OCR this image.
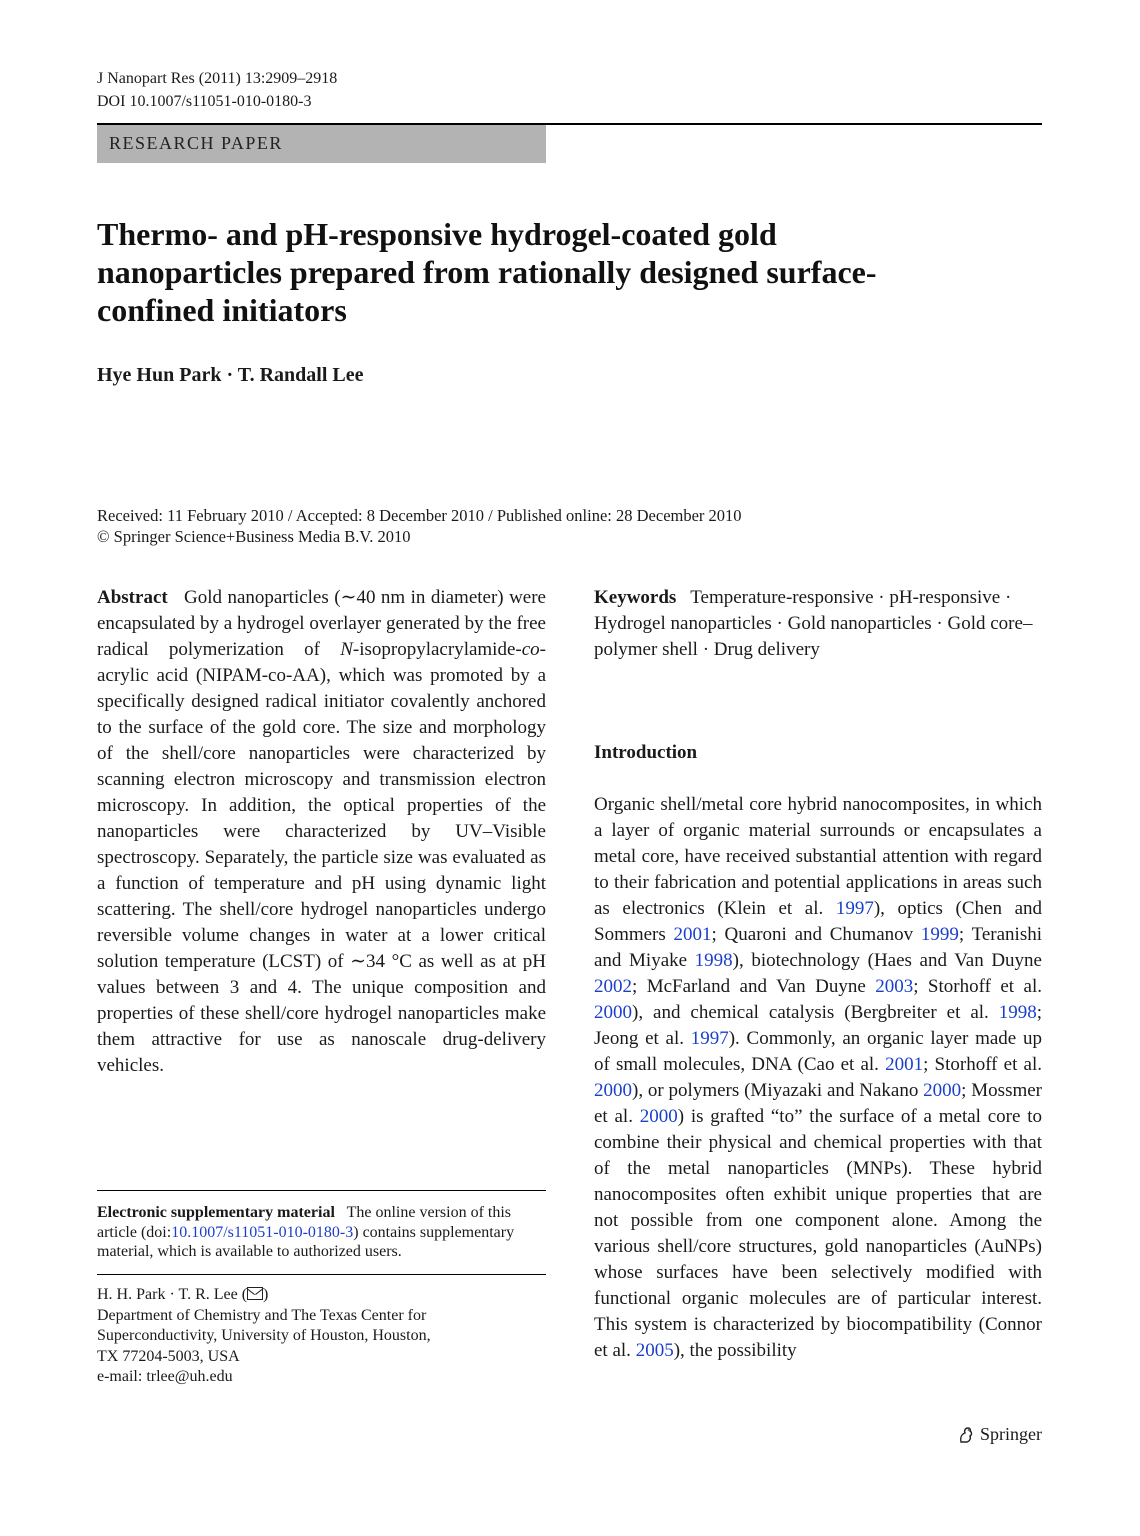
J Nanopart Res (2011) 13:2909–2918
DOI 10.1007/s11051-010-0180-3
RESEARCH PAPER
Thermo- and pH-responsive hydrogel-coated gold nanoparticles prepared from rationally designed surface-confined initiators
Hye Hun Park · T. Randall Lee
Received: 11 February 2010 / Accepted: 8 December 2010 / Published online: 28 December 2010
© Springer Science+Business Media B.V. 2010
Abstract Gold nanoparticles (∼40 nm in diameter) were encapsulated by a hydrogel overlayer generated by the free radical polymerization of N-isopropylacrylamide-co-acrylic acid (NIPAM-co-AA), which was promoted by a specifically designed radical initiator covalently anchored to the surface of the gold core. The size and morphology of the shell/core nanoparticles were characterized by scanning electron microscopy and transmission electron microscopy. In addition, the optical properties of the nanoparticles were characterized by UV–Visible spectroscopy. Separately, the particle size was evaluated as a function of temperature and pH using dynamic light scattering. The shell/core hydrogel nanoparticles undergo reversible volume changes in water at a lower critical solution temperature (LCST) of ∼34 °C as well as at pH values between 3 and 4. The unique composition and properties of these shell/core hydrogel nanoparticles make them attractive for use as nanoscale drug-delivery vehicles.
Keywords Temperature-responsive · pH-responsive · Hydrogel nanoparticles · Gold nanoparticles · Gold core–polymer shell · Drug delivery
Introduction
Organic shell/metal core hybrid nanocomposites, in which a layer of organic material surrounds or encapsulates a metal core, have received substantial attention with regard to their fabrication and potential applications in areas such as electronics (Klein et al. 1997), optics (Chen and Sommers 2001; Quaroni and Chumanov 1999; Teranishi and Miyake 1998), biotechnology (Haes and Van Duyne 2002; McFarland and Van Duyne 2003; Storhoff et al. 2000), and chemical catalysis (Bergbreiter et al. 1998; Jeong et al. 1997). Commonly, an organic layer made up of small molecules, DNA (Cao et al. 2001; Storhoff et al. 2000), or polymers (Miyazaki and Nakano 2000; Mossmer et al. 2000) is grafted “to” the surface of a metal core to combine their physical and chemical properties with that of the metal nanoparticles (MNPs). These hybrid nanocomposites often exhibit unique properties that are not possible from one component alone. Among the various shell/core structures, gold nanoparticles (AuNPs) whose surfaces have been selectively modified with functional organic molecules are of particular interest. This system is characterized by biocompatibility (Connor et al. 2005), the possibility
Electronic supplementary material The online version of this article (doi:10.1007/s11051-010-0180-3) contains supplementary material, which is available to authorized users.
H. H. Park · T. R. Lee ( )
Department of Chemistry and The Texas Center for
Superconductivity, University of Houston, Houston,
TX 77204-5003, USA
e-mail: trlee@uh.edu
Springer
